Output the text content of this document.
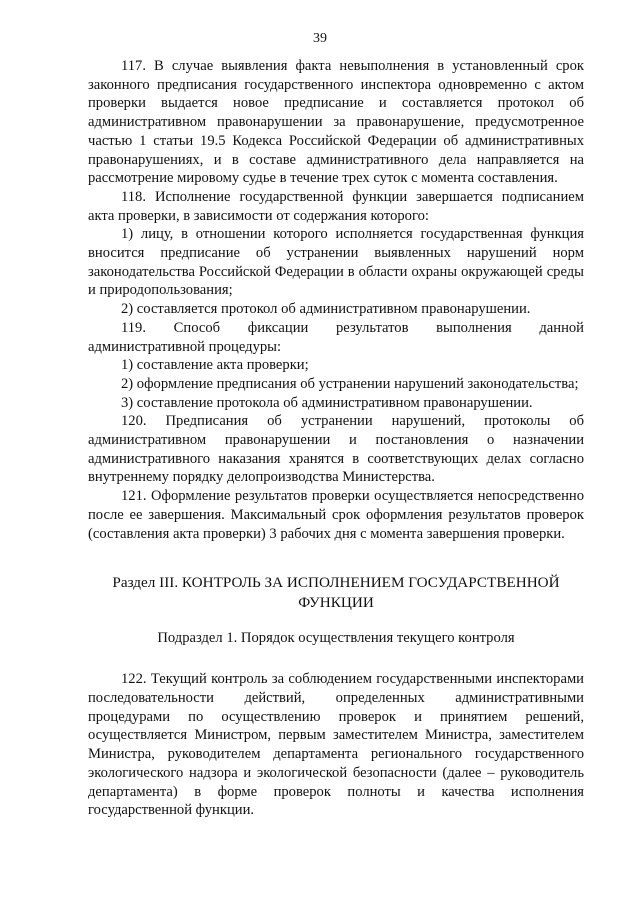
39

117. В случае выявления факта невыполнения в установленный срок законного предписания государственного инспектора одновременно с актом проверки выдается новое предписание и составляется протокол об административном правонарушении за правонарушение, предусмотренное частью 1 статьи 19.5 Кодекса Российской Федерации об административных правонарушениях, и в составе административного дела направляется на рассмотрение мировому судье в течение трех суток с момента составления.

118. Исполнение государственной функции завершается подписанием акта проверки, в зависимости от содержания которого:

1) лицу, в отношении которого исполняется государственная функция вносится предписание об устранении выявленных нарушений норм законодательства Российской Федерации в области охраны окружающей среды и природопользования;

2) составляется протокол об административном правонарушении.

119. Способ фиксации результатов выполнения данной административной процедуры:

1) составление акта проверки;

2) оформление предписания об устранении нарушений законодательства;

3) составление протокола об административном правонарушении.

120. Предписания об устранении нарушений, протоколы об административном правонарушении и постановления о назначении административного наказания хранятся в соответствующих делах согласно внутреннему порядку делопроизводства Министерства.

121. Оформление результатов проверки осуществляется непосредственно после ее завершения. Максимальный срок оформления результатов проверок (составления акта проверки) 3 рабочих дня с момента завершения проверки.

Раздел III. КОНТРОЛЬ ЗА ИСПОЛНЕНИЕМ ГОСУДАРСТВЕННОЙ ФУНКЦИИ
Подраздел 1. Порядок осуществления текущего контроля

122. Текущий контроль за соблюдением государственными инспекторами последовательности действий, определенных административными процедурами по осуществлению проверок и принятием решений, осуществляется Министром, первым заместителем Министра, заместителем Министра, руководителем департамента регионального государственного экологического надзора и экологической безопасности (далее – руководитель департамента) в форме проверок полноты и качества исполнения государственной функции.
